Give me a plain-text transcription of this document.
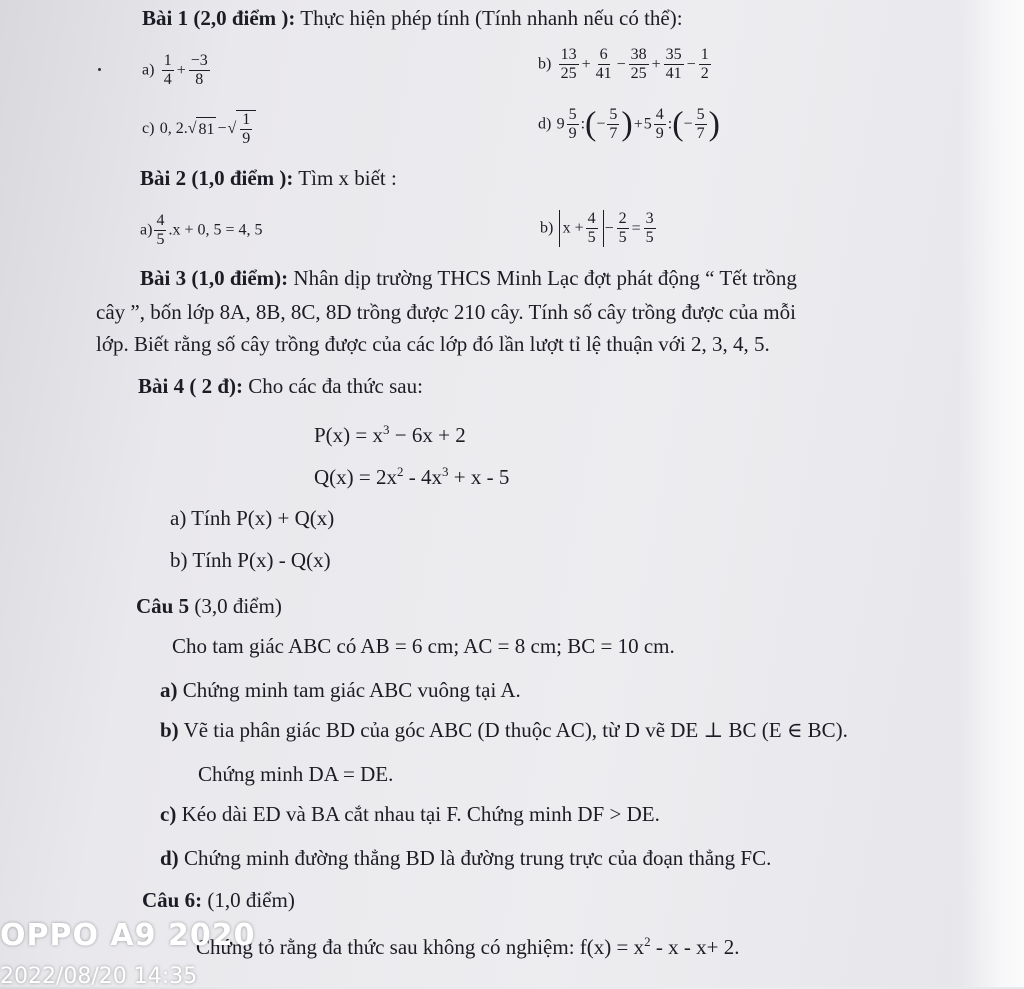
Bài 1 (2,0 điểm ): Thực hiện phép tính (Tính nhanh nếu có thể):
$a) \frac{1}{4} + \frac{-3}{8}$	$b) \frac{13}{25} + \frac{6}{41} - \frac{38}{25} + \frac{35}{41} - \frac{1}{2}$
c) 0, 2.√ 81 −√ $\frac{1}{9}$	d) $9 \frac{5}{9}$ :(− $\frac{5}{7} )+5 \frac{4}{9}$ :(− $\frac{5}{7}$ )
Bài 2 (1,0 điểm ): Tìm x biết :
$a) \frac{4}{5} .x + 0$, 5 = 4, 5	b) $x + \frac{4}{5} - \frac{2}{5} = \frac{3}{5}$
Bài 3 (1,0 điểm): Nhân dịp trường THCS Minh Lạc đợt phát động “ Tết trồng
cây ”, bốn lớp 8A, 8B, 8C, 8D trồng được 210 cây. Tính số cây trồng được của mỗi
lớp. Biết rằng số cây trồng được của các lớp đó lần lượt tỉ lệ thuận với 2, 3, 4, 5.
Bài 4 ( 2 đ): Cho các đa thức sau:
$P(x) = x^3 - 6x + 2$
$Q(x) = 2x^2 - 4x^3 + x - 5$
a) Tính P(x) + Q(x)
b) Tính P(x) - Q(x)
Câu 5 (3,0 điểm)
Cho tam giác ABC có AB = 6 cm; AC = 8 cm; BC = 10 cm.
a) Chứng minh tam giác ABC vuông tại A.
b) Vẽ tia phân giác BD của góc ABC (D thuộc AC), từ D vẽ DE ⊥ BC (E ∈ BC).
Chứng minh DA = DE.
c) Kéo dài ED và BA cắt nhau tại F. Chứng minh DF > DE.
d) Chứng minh đường thẳng BD là đường trung trực của đoạn thẳng FC.
Câu 6: (1,0 điểm)
Chứng tỏ rằng đa thức sau không có nghiệm: $f(x) = x^2 - x - x+ 2$.
OPPO A9 2020
2022/08/20 14:35
